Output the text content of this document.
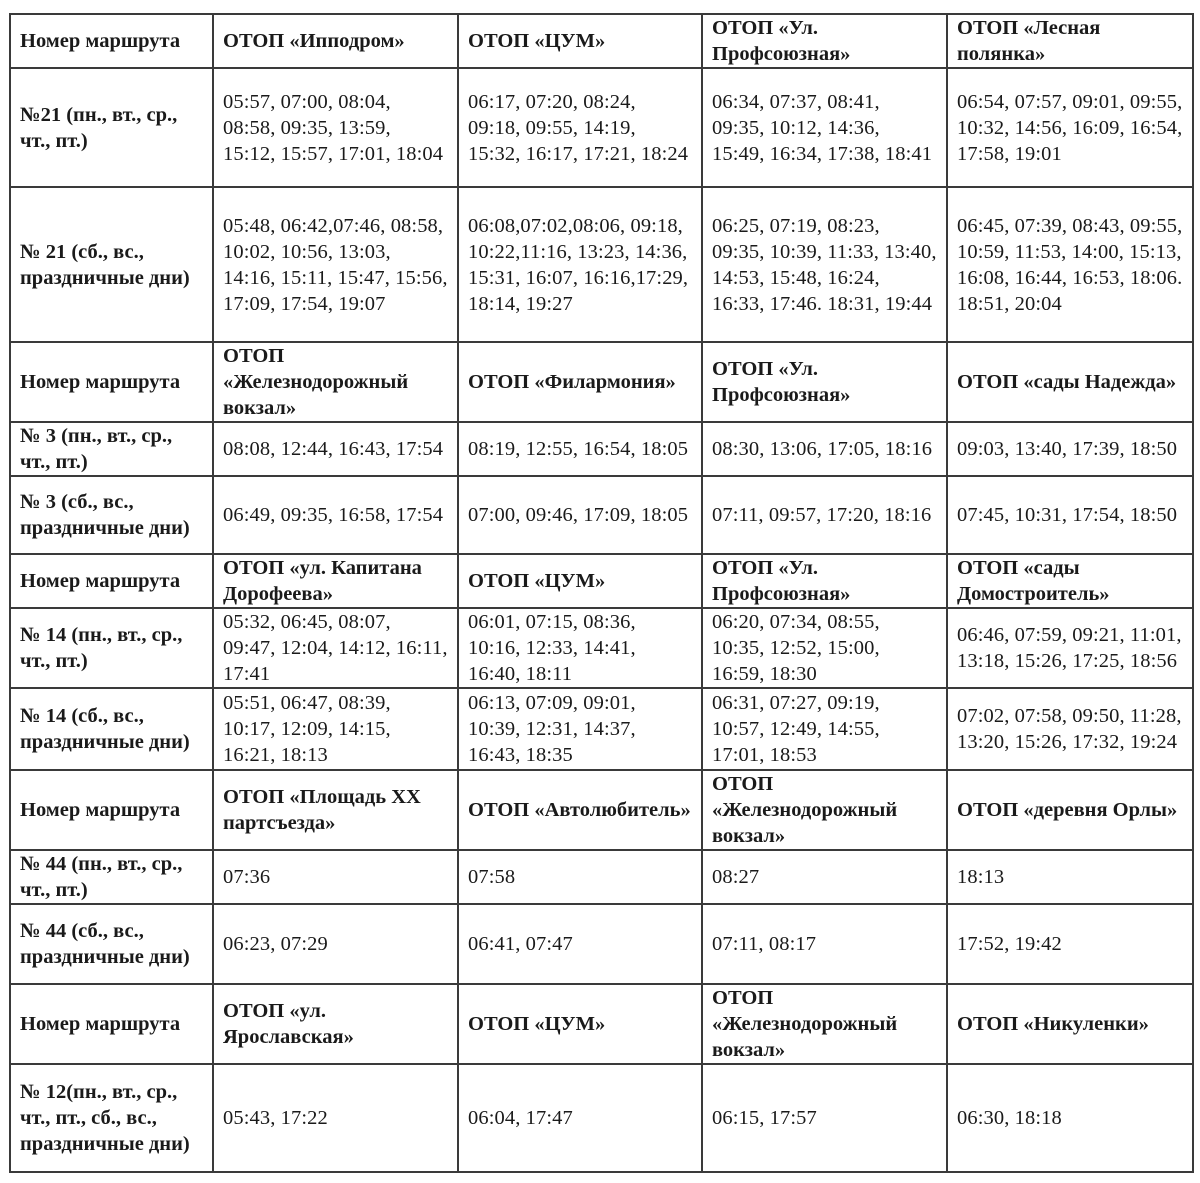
Номер маршрута	ОТОП «Ипподром»	ОТОП «ЦУМ»	ОТОП «Ул. Профсоюзная»	ОТОП «Лесная полянка»
№21 (пн., вт., ср., чт., пт.)	05:57, 07:00, 08:04, 08:58, 09:35, 13:59, 15:12, 15:57, 17:01, 18:04	06:17, 07:20, 08:24, 09:18, 09:55, 14:19, 15:32, 16:17, 17:21, 18:24	06:34, 07:37, 08:41, 09:35, 10:12, 14:36, 15:49, 16:34, 17:38, 18:41	06:54, 07:57, 09:01, 09:55, 10:32, 14:56, 16:09, 16:54, 17:58, 19:01
№ 21 (сб., вс., праздничные дни)	05:48, 06:42,07:46, 08:58, 10:02, 10:56, 13:03, 14:16, 15:11, 15:47, 15:56, 17:09, 17:54, 19:07	06:08,07:02,08:06, 09:18, 10:22,11:16, 13:23, 14:36, 15:31, 16:07, 16:16,17:29, 18:14, 19:27	06:25, 07:19, 08:23, 09:35, 10:39, 11:33, 13:40, 14:53, 15:48, 16:24, 16:33, 17:46. 18:31, 19:44	06:45, 07:39, 08:43, 09:55, 10:59, 11:53, 14:00, 15:13, 16:08, 16:44, 16:53, 18:06. 18:51, 20:04
Номер маршрута	ОТОП «Железнодорожный вокзал»	ОТОП «Филармония»	ОТОП «Ул. Профсоюзная»	ОТОП «сады Надежда»
№ 3 (пн., вт., ср., чт., пт.)	08:08, 12:44, 16:43, 17:54	08:19, 12:55, 16:54, 18:05	08:30, 13:06, 17:05, 18:16	09:03, 13:40, 17:39, 18:50
№ 3 (сб., вс., праздничные дни)	06:49, 09:35, 16:58, 17:54	07:00, 09:46, 17:09, 18:05	07:11, 09:57, 17:20, 18:16	07:45, 10:31, 17:54, 18:50
Номер маршрута	ОТОП «ул. Капитана Дорофеева»	ОТОП «ЦУМ»	ОТОП «Ул. Профсоюзная»	ОТОП «сады Домостроитель»
№ 14 (пн., вт., ср., чт., пт.)	05:32, 06:45, 08:07, 09:47, 12:04, 14:12, 16:11, 17:41	06:01, 07:15, 08:36, 10:16, 12:33, 14:41, 16:40, 18:11	06:20, 07:34, 08:55, 10:35, 12:52, 15:00, 16:59, 18:30	06:46, 07:59, 09:21, 11:01, 13:18, 15:26, 17:25, 18:56
№ 14 (сб., вс., праздничные дни)	05:51, 06:47, 08:39, 10:17, 12:09, 14:15, 16:21, 18:13	06:13, 07:09, 09:01, 10:39, 12:31, 14:37, 16:43, 18:35	06:31, 07:27, 09:19, 10:57, 12:49, 14:55, 17:01, 18:53	07:02, 07:58, 09:50, 11:28, 13:20, 15:26, 17:32, 19:24
Номер маршрута	ОТОП «Площадь XX партсъезда»	ОТОП «Автолюбитель»	ОТОП «Железнодорожный вокзал»	ОТОП «деревня Орлы»
№ 44 (пн., вт., ср., чт., пт.)	07:36	07:58	08:27	18:13
№ 44 (сб., вс., праздничные дни)	06:23, 07:29	06:41, 07:47	07:11, 08:17	17:52, 19:42
Номер маршрута	ОТОП «ул. Ярославская»	ОТОП «ЦУМ»	ОТОП «Железнодорожный вокзал»	ОТОП «Никуленки»
№ 12(пн., вт., ср., чт., пт., сб., вс., праздничные дни)	05:43, 17:22	06:04, 17:47	06:15, 17:57	06:30, 18:18
